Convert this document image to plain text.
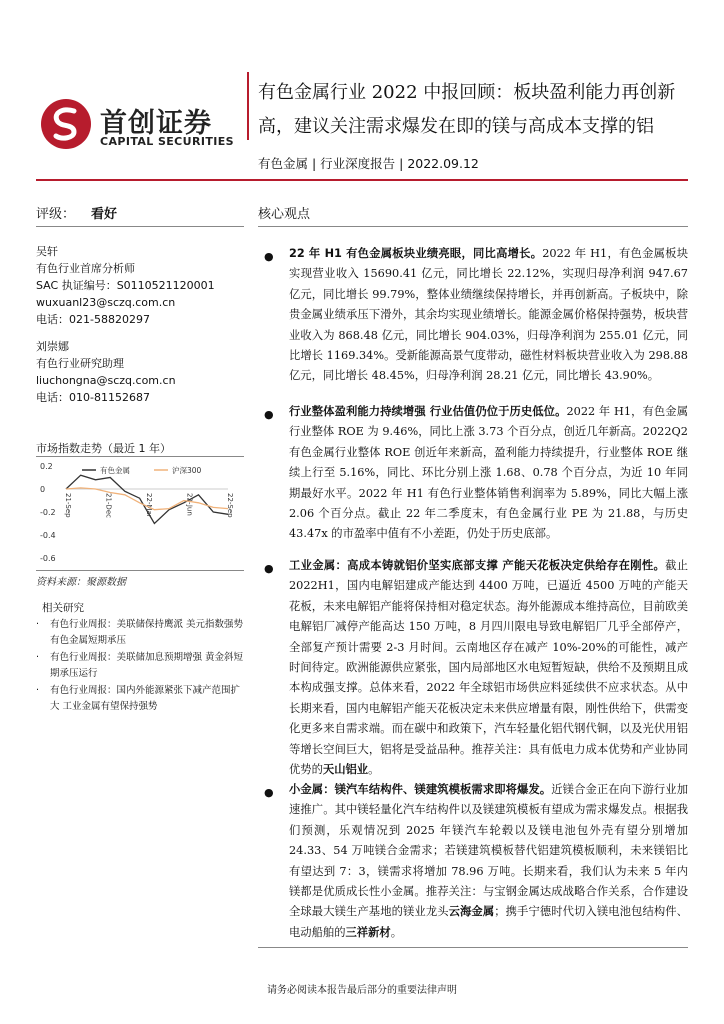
首创证券
CAPITAL SECURITIES
有色金属行业 2022 中报回顾：板块盈利能力再创新高，建议关注需求爆发在即的镁与高成本支撑的铝
有色金属 | 行业深度报告 | 2022.09.12
评级： 看好
吴轩
有色行业首席分析师
SAC 执证编号：S0110521120001
wuxuanl23@sczq.com.cn
电话：021-58820297
刘崇娜
有色行业研究助理
liuchongna@sczq.com.cn
电话：010-81152687
市场指数走势（最近 1 年）
0.2
0
-0.2
-0.4
-0.6
21-Sep	21-Dec	22-Mar	22-Jun	22-Sep
有色金属	沪深300
资料来源：聚源数据
相关研究
· 有色行业周报：美联储保持鹰派 美元指数强势有色金属短期承压
· 有色行业周报：美联储加息预期增强 黄金斜短期承压运行
· 有色行业周报：国内外能源紧张下减产范围扩大 工业金属有望保持强势
核心观点
● 22 年 H1 有色金属板块业绩亮眼，同比高增长。2022 年 H1，有色金属板块实现营业收入 15690.41 亿元，同比增长 22.12%，实现归母净利润 947.67 亿元，同比增长 99.79%，整体业绩继续保持增长，并再创新高。子板块中，除贵金属业绩承压下滑外，其余均实现业绩增长。能源金属价格保持强势，板块营业收入为 868.48 亿元，同比增长 904.03%，归母净利润为 255.01 亿元，同比增长 1169.34%。受新能源高景气度带动，磁性材料板块营业收入为 298.88 亿元，同比增长 48.45%，归母净利润 28.21 亿元，同比增长 43.90%。
● 行业整体盈利能力持续增强 行业估值仍位于历史低位。2022 年 H1，有色金属行业整体 ROE 为 9.46%，同比上涨 3.73 个百分点，创近几年新高。2022Q2 有色金属行业整体 ROE 创近年来新高，盈利能力持续提升，行业整体 ROE 继续上行至 5.16%，同比、环比分别上涨 1.68、0.78 个百分点，为近 10 年同期最好水平。2022 年 H1 有色行业整体销售利润率为 5.89%，同比大幅上涨 2.06 个百分点。截止 22 年二季度末，有色金属行业 PE 为 21.88，与历史 43.47x 的市盈率中值有不小差距，仍处于历史底部。
● 工业金属：高成本铸就铝价坚实底部支撑 产能天花板决定供给存在刚性。截止 2022H1，国内电解铝建成产能达到 4400 万吨，已逼近 4500 万吨的产能天花板，未来电解铝产能将保持相对稳定状态。海外能源成本维持高位，目前欧美电解铝厂减停产能高达 150 万吨，8 月四川限电导致电解铝厂几乎全部停产，全部复产预计需要 2-3 月时间。云南地区存在减产 10%-20%的可能性，减产时间待定。欧洲能源供应紧张，国内局部地区水电短暂短缺，供给不及预期且成本构成强支撑。总体来看，2022 年全球铝市场供应料延续供不应求状态。从中长期来看，国内电解铝产能天花板决定未来供应增量有限，刚性供给下，供需变化更多来自需求端。而在碳中和政策下，汽车轻量化铝代钢代铜，以及光伏用铝等增长空间巨大，铝将是受益品种。推荐关注：具有低电力成本优势和产业协同优势的天山铝业。
● 小金属：镁汽车结构件、镁建筑模板需求即将爆发。近镁合金正在向下游行业加速推广。其中镁轻量化汽车结构件以及镁建筑模板有望成为需求爆发点。根据我们预测，乐观情况到 2025 年镁汽车轮毂以及镁电池包外壳有望分别增加 24.33、54 万吨镁合金需求；若镁建筑模板替代铝建筑模板顺利，未来镁铝比有望达到 7：3，镁需求将增加 78.96 万吨。长期来看，我们认为未来 5 年内镁都是优质成长性小金属。推荐关注：与宝钢金属达成战略合作关系，合作建设全球最大镁生产基地的镁业龙头云海金属；携手宁德时代切入镁电池包结构件、电动船舶的三祥新材。
请务必阅读本报告最后部分的重要法律声明
